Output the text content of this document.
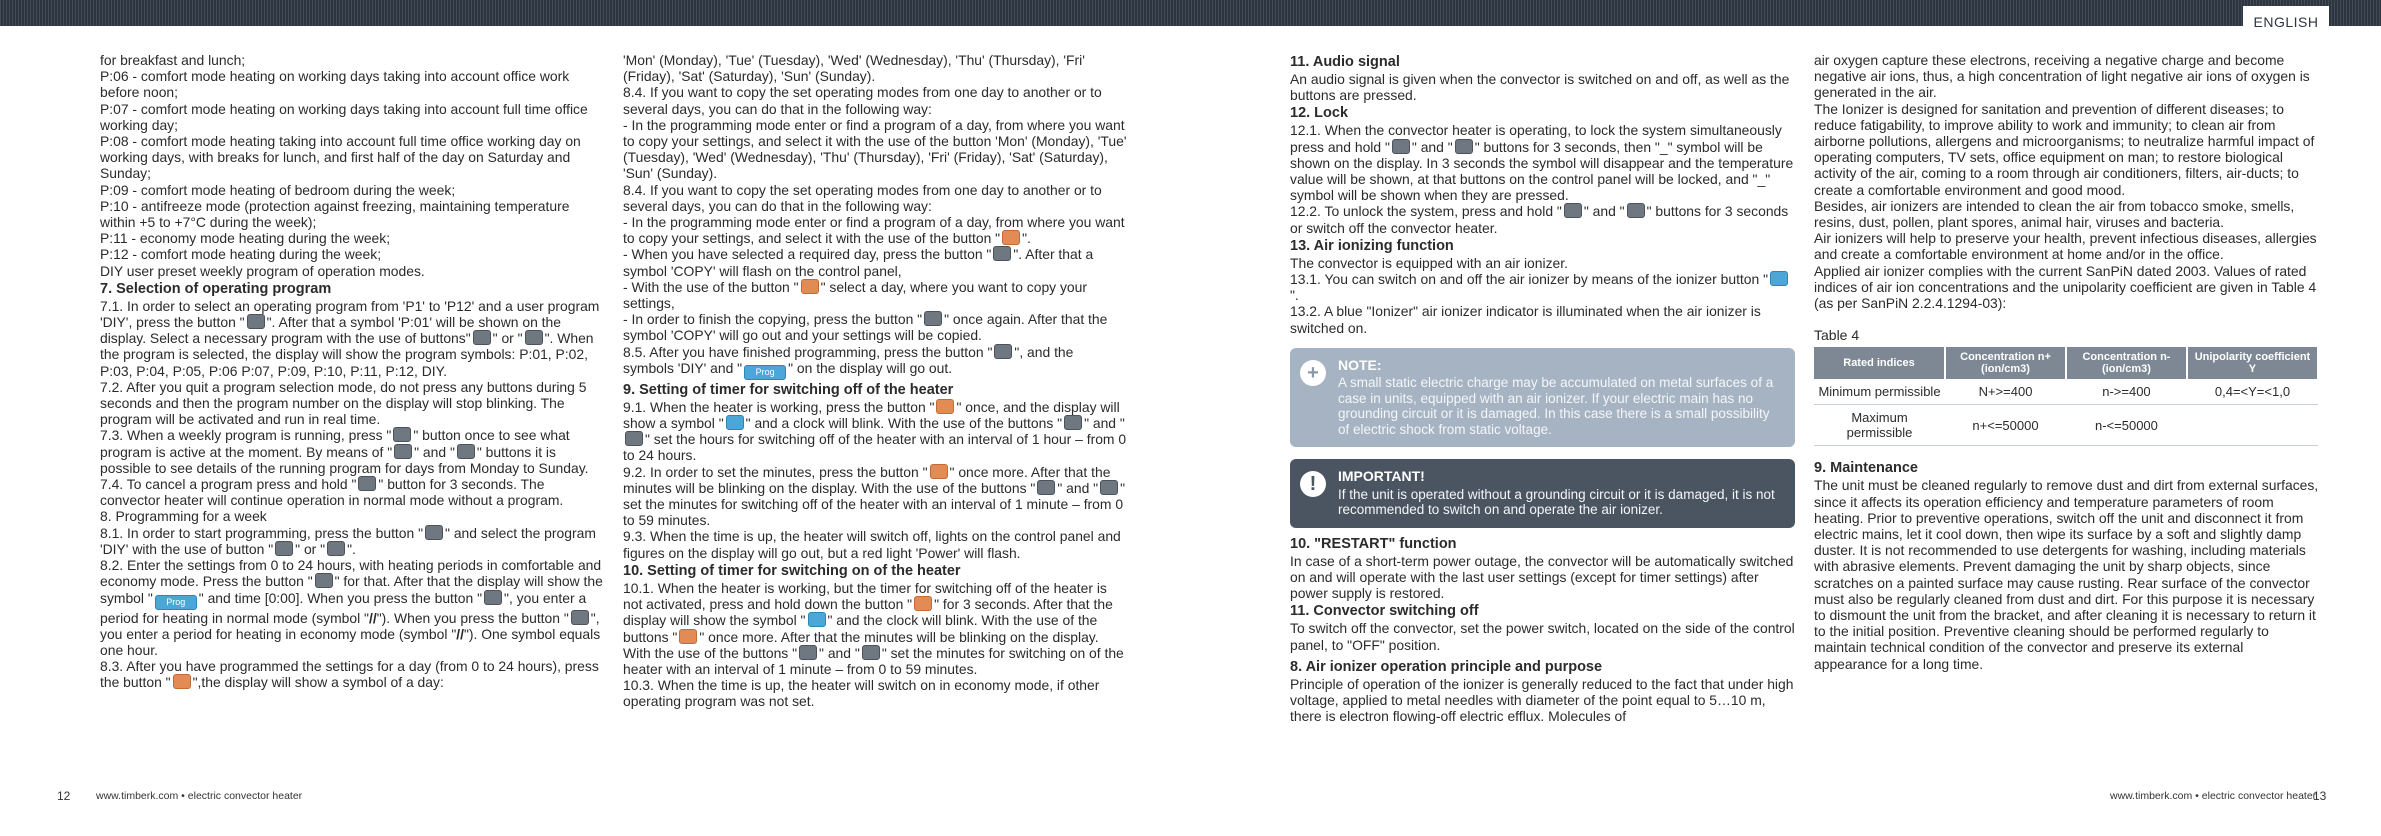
ENGLISH

for breakfast and lunch;

P:06 - comfort mode heating on working days taking into account office work before noon;

P:07 - comfort mode heating on working days taking into account full time office working day;

P:08 - comfort mode heating taking into account full time office working day on working days, with breaks for lunch, and first half of the day on Saturday and Sunday;

P:09 - comfort mode heating of bedroom during the week;

P:10 - antifreeze mode (protection against freezing, maintaining temperature within +5 to +7°C during the week);

P:11 - economy mode heating during the week;

P:12 - comfort mode heating during the week;

DIY user preset weekly program of operation modes.

7. Selection of operating program

7.1. In order to select an operating program from 'P1' to 'P12' and a user program 'DIY', press the button " ". After that a symbol 'P:01' will be shown on the display. Select a necessary program with the use of buttons" " or " ". When the program is selected, the display will show the program symbols: P:01, P:02, P:03, P:04, P:05, P:06 P:07, P:09, P:10, P:11, P:12, DIY.

7.2. After you quit a program selection mode, do not press any buttons during 5 seconds and then the program number on the display will stop blinking. The program will be activated and run in real time.

7.3. When a weekly program is running, press " " button once to see what program is active at the moment. By means of " " and " " buttons it is possible to see details of the running program for days from Monday to Sunday.

7.4. To cancel a program press and hold " " button for 3 seconds. The convector heater will continue operation in normal mode without a program.

8. Programming for a week

8.1. In order to start programming, press the button " " and select the program 'DIY' with the use of button " " or " ".

8.2. Enter the settings from 0 to 24 hours, with heating periods in comfortable and economy mode. Press the button " " for that. After that the display will show the symbol " Prog " and time [0:00]. When you press the button " ", you enter a period for heating in normal mode (symbol "//"). When you press the button " ", you enter a period for heating in economy mode (symbol "//"). One symbol equals one hour.

8.3. After you have programmed the settings for a day (from 0 to 24 hours), press the button " ",the display will show a symbol of a day:

'Mon' (Monday), 'Tue' (Tuesday), 'Wed' (Wednesday), 'Thu' (Thursday), 'Fri' (Friday), 'Sat' (Saturday), 'Sun' (Sunday).

8.4. If you want to copy the set operating modes from one day to another or to several days, you can do that in the following way:

- In the programming mode enter or find a program of a day, from where you want to copy your settings, and select it with the use of the button 'Mon' (Monday), 'Tue' (Tuesday), 'Wed' (Wednesday), 'Thu' (Thursday), 'Fri' (Friday), 'Sat' (Saturday), 'Sun' (Sunday).

8.4. If you want to copy the set operating modes from one day to another or to several days, you can do that in the following way:

- In the programming mode enter or find a program of a day, from where you want to copy your settings, and select it with the use of the button " ".

- When you have selected a required day, press the button " ". After that a symbol 'COPY' will flash on the control panel,

- With the use of the button " " select a day, where you want to copy your settings,

- In order to finish the copying, press the button " " once again. After that the symbol 'COPY' will go out and your settings will be copied.

8.5. After you have finished programming, press the button " ", and the symbols 'DIY' and " Prog " on the display will go out.

9. Setting of timer for switching off of the heater

9.1. When the heater is working, press the button " " once, and the display will show a symbol " " and a clock will blink. With the use of the buttons " " and "" set the hours for switching off of the heater with an interval of 1 hour – from 0 to 24 hours.

9.2. In order to set the minutes, press the button " " once more. After that the minutes will be blinking on the display. With the use of the buttons " " and " " set the minutes for switching off of the heater with an interval of 1 minute – from 0 to 59 minutes.

9.3. When the time is up, the heater will switch off, lights on the control panel and figures on the display will go out, but a red light 'Power' will flash.

10. Setting of timer for switching on of the heater

10.1. When the heater is working, but the timer for switching off of the heater is not activated, press and hold down the button " " for 3 seconds. After that the display will show the symbol " " and the clock will blink. With the use of the buttons " " once more. After that the minutes will be blinking on the display. With the use of the buttons " " and " " set the minutes for switching on of the heater with an interval of 1 minute – from 0 to 59 minutes.

10.3. When the time is up, the heater will switch on in economy mode, if other operating program was not set.

11. Audio signal

An audio signal is given when the convector is switched on and off, as well as the buttons are pressed.

12. Lock

12.1. When the convector heater is operating, to lock the system simultaneously press and hold " " and " " buttons for 3 seconds, then "_" symbol will be shown on the display. In 3 seconds the symbol will disappear and the temperature value will be shown, at that buttons on the control panel will be locked, and "_" symbol will be shown when they are pressed.

12.2. To unlock the system, press and hold " " and " " buttons for 3 seconds or switch off the convector heater.

13. Air ionizing function

The convector is equipped with an air ionizer.

13.1. You can switch on and off the air ionizer by means of the ionizer button "".

13.2. A blue "Ionizer" air ionizer indicator is illuminated when the air ionizer is switched on.

+	NOTE:
A small static electric charge may be accumulated on metal surfaces of a case in units, equipped with an air ionizer. If your electric main has no grounding circuit or it is damaged. In this case there is a small possibility of electric shock from static voltage.
!	IMPORTANT!
If the unit is operated without a grounding circuit or it is damaged, it is not recommended to switch on and operate the air ionizer.
10. "RESTART" function

In case of a short-term power outage, the convector will be automatically switched on and will operate with the last user settings (except for timer settings) after power supply is restored.

11. Convector switching off

To switch off the convector, set the power switch, located on the side of the control panel, to "OFF" position.

8. Air ionizer operation principle and purpose

Principle of operation of the ionizer is generally reduced to the fact that under high voltage, applied to metal needles with diameter of the point equal to 5…10 m, there is electron flowing-off electric efflux. Molecules of

air oxygen capture these electrons, receiving a negative charge and become negative air ions, thus, a high concentration of light negative air ions of oxygen is generated in the air.

The Ionizer is designed for sanitation and prevention of different diseases; to reduce fatigability, to improve ability to work and immunity; to clean air from airborne pollutions, allergens and microorganisms; to neutralize harmful impact of operating computers, TV sets, office equipment on man; to restore biological activity of the air, coming to a room through air conditioners, filters, air-ducts; to create a comfortable environment and good mood.

Besides, air ionizers are intended to clean the air from tobacco smoke, smells, resins, dust, pollen, plant spores, animal hair, viruses and bacteria.

Air ionizers will help to preserve your health, prevent infectious diseases, allergies and create a comfortable environment at home and/or in the office.

Applied air ionizer complies with the current SanPiN dated 2003. Values of rated indices of air ion concentrations and the unipolarity coefficient are given in Table 4 (as per SanPiN 2.2.4.1294-03):

Table 4
Rated indices	Concentration n+ (ion/cm3)	Concentration n- (ion/cm3)	Unipolarity coefficient Y
Minimum permissible	N+>=400	n->=400	0,4=<Y=<1,0
Maximum permissible	n+<=50000	n-<=50000	
9. Maintenance

The unit must be cleaned regularly to remove dust and dirt from external surfaces, since it affects its operation efficiency and temperature parameters of room heating. Prior to preventive operations, switch off the unit and disconnect it from electric mains, let it cool down, then wipe its surface by a soft and slightly damp duster. It is not recommended to use detergents for washing, including materials with abrasive elements. Prevent damaging the unit by sharp objects, since scratches on a painted surface may cause rusting. Rear surface of the convector must also be regularly cleaned from dust and dirt. For this purpose it is necessary to dismount the unit from the bracket, and after cleaning it is necessary to return it to the initial position. Preventive cleaning should be performed regularly to maintain technical condition of the convector and preserve its external appearance for a long time.

12 www.timberk.com • electric convector heater	www.timberk.com • electric convector heater
13
